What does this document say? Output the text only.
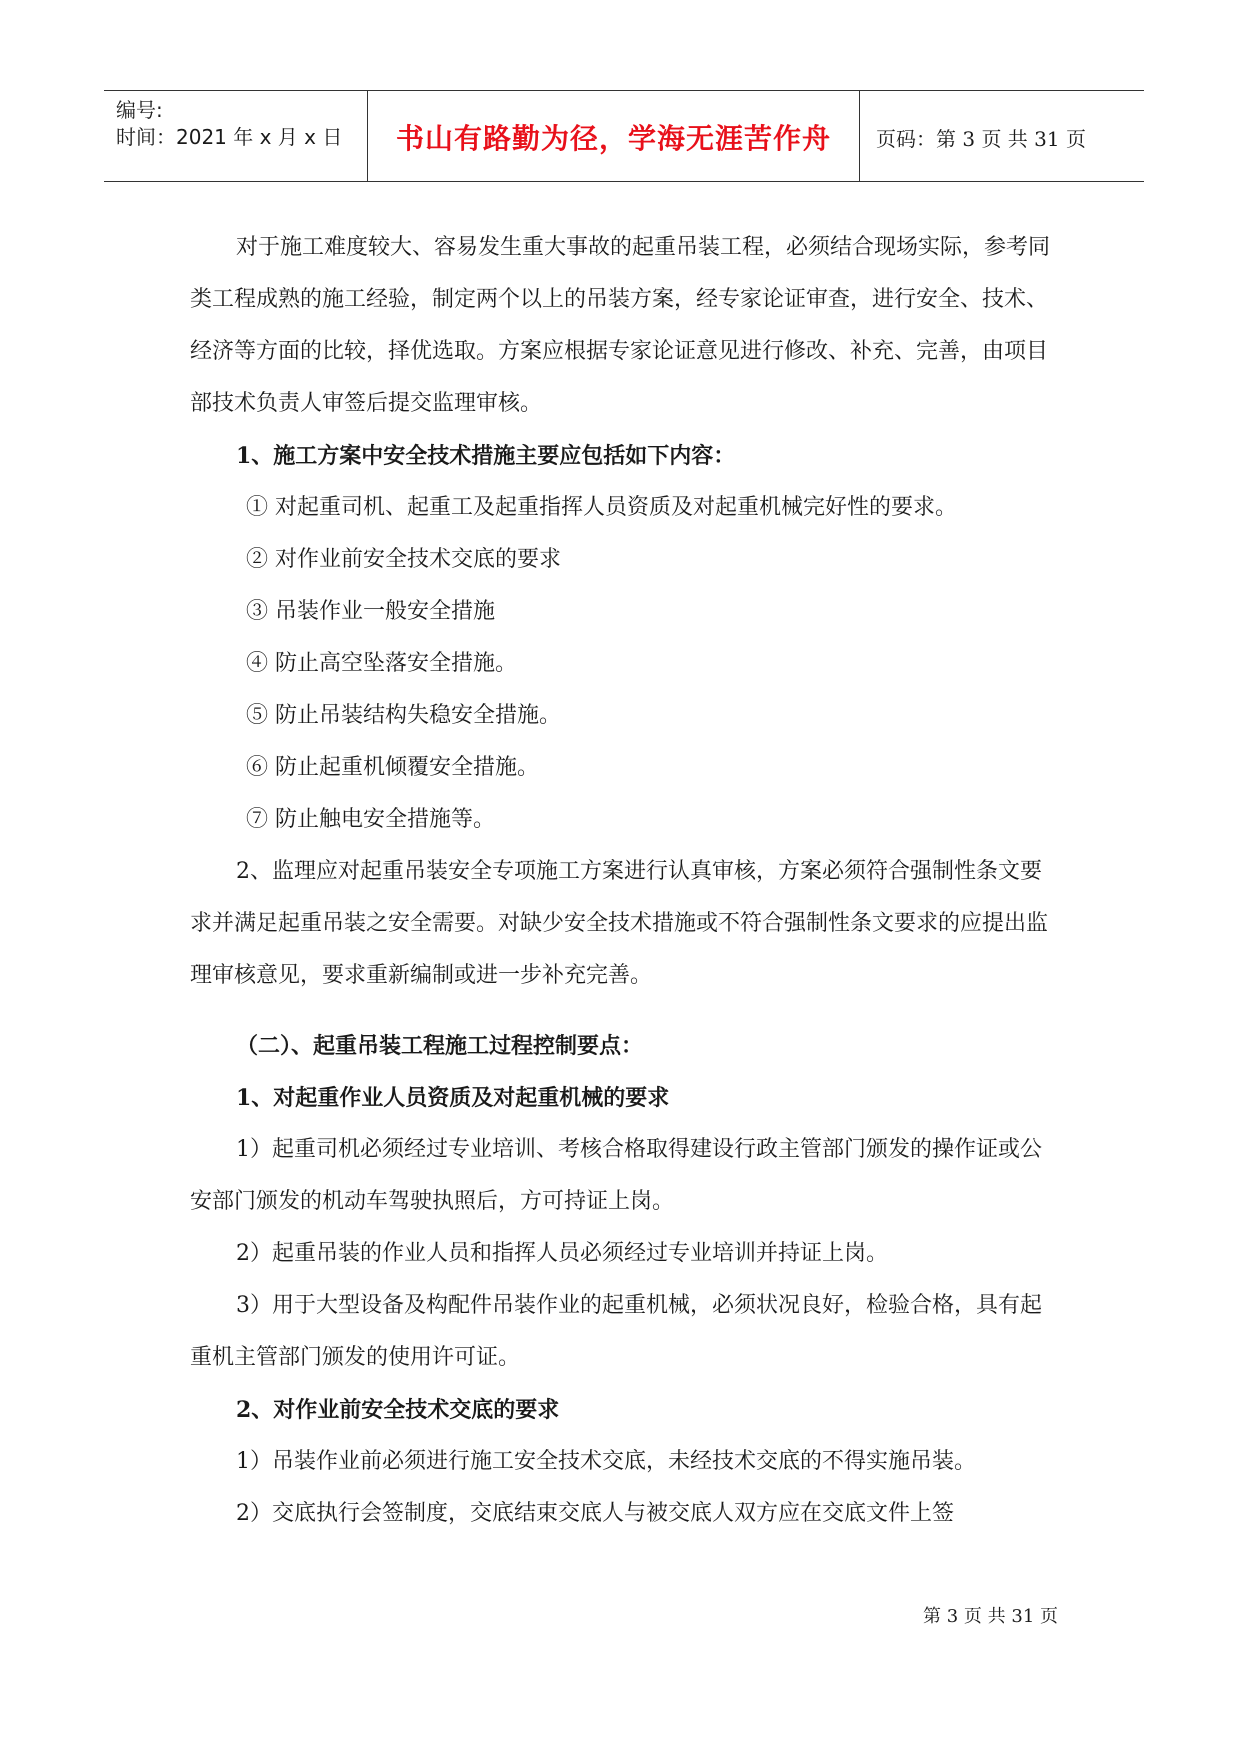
编号:
时间：2021 年 x 月 x 日	书山有路勤为径，学海无涯苦作舟	页码：第 3 页 共 31 页

对于施工难度较大、容易发生重大事故的起重吊装工程，必须结合现场实际，参考同类工程成熟的施工经验，制定两个以上的吊装方案，经专家论证审查，进行安全、技术、经济等方面的比较，择优选取。方案应根据专家论证意见进行修改、补充、完善，由项目部技术负责人审签后提交监理审核。

1、施工方案中安全技术措施主要应包括如下内容：

① 对起重司机、起重工及起重指挥人员资质及对起重机械完好性的要求。

② 对作业前安全技术交底的要求

③ 吊装作业一般安全措施

④ 防止高空坠落安全措施。

⑤ 防止吊装结构失稳安全措施。

⑥ 防止起重机倾覆安全措施。

⑦ 防止触电安全措施等。

2、监理应对起重吊装安全专项施工方案进行认真审核，方案必须符合强制性条文要求并满足起重吊装之安全需要。对缺少安全技术措施或不符合强制性条文要求的应提出监理审核意见，要求重新编制或进一步补充完善。

（二）、起重吊装工程施工过程控制要点：

1、对起重作业人员资质及对起重机械的要求

1）起重司机必须经过专业培训、考核合格取得建设行政主管部门颁发的操作证或公安部门颁发的机动车驾驶执照后，方可持证上岗。

2）起重吊装的作业人员和指挥人员必须经过专业培训并持证上岗。

3）用于大型设备及构配件吊装作业的起重机械，必须状况良好，检验合格，具有起重机主管部门颁发的使用许可证。

2、对作业前安全技术交底的要求

1）吊装作业前必须进行施工安全技术交底，未经技术交底的不得实施吊装。

2）交底执行会签制度，交底结束交底人与被交底人双方应在交底文件上签

第 3 页 共 31 页
